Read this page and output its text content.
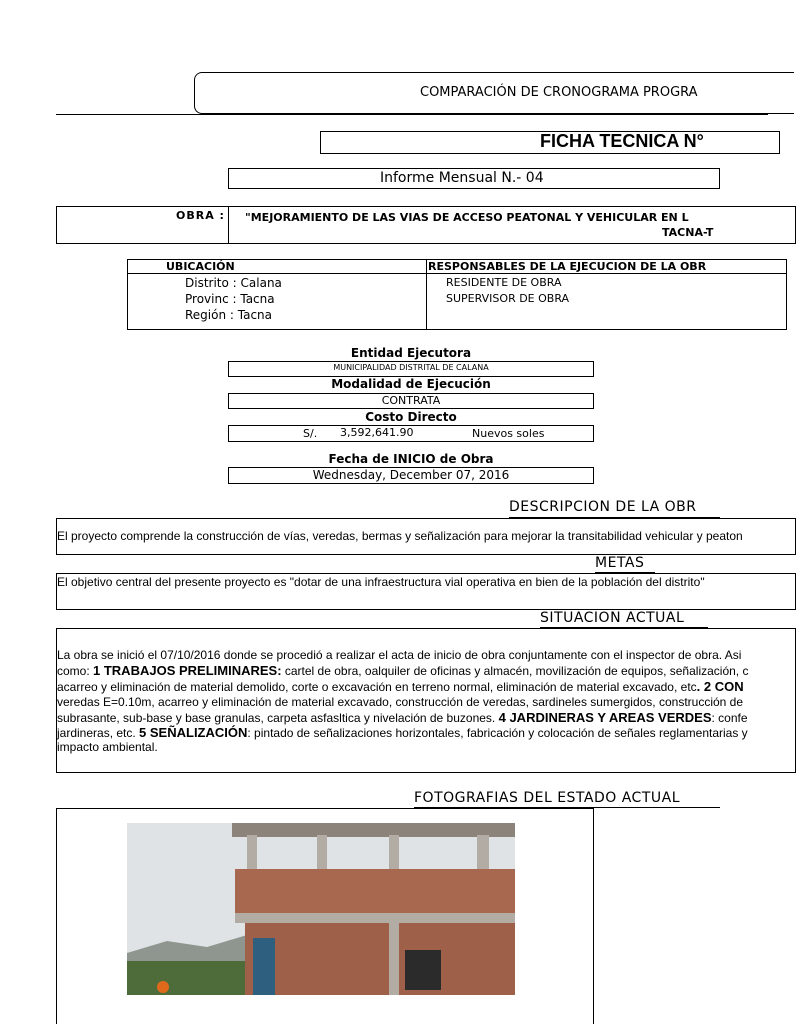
COMPARACIÓN DE CRONOGRAMA PROGRA
FICHA TECNICA N°
Informe Mensual N.- 04
OBRA : "MEJORAMIENTO DE LAS VIAS DE ACCESO PEATONAL Y VEHICULAR EN L
TACNA-T
UBICACIÓN
Distrito : Calana
Provinc : Tacna
Región : Tacna
RESPONSABLES DE LA EJECUCION DE LA OBR
RESIDENTE DE OBRA
SUPERVISOR DE OBRA
Entidad Ejecutora
MUNICIPALIDAD DISTRITAL DE CALANA
Modalidad de Ejecución
CONTRATA
Costo Directo
S/. 3,592,641.90	Nuevos soles
Fecha de INICIO de Obra
Wednesday, December 07, 2016
DESCRIPCION DE LA OBR
El proyecto comprende la construcción de vías, veredas, bermas y señalización para mejorar la transitabilidad vehicular y peaton
METAS
El objetivo central del presente proyecto es "dotar de una infraestructura vial operativa en bien de la población del distrito"
SITUACION ACTUAL
La obra se inició el 07/10/2016 donde se procedió a realizar el acta de inicio de obra conjuntamente con el inspector de obra. Asi
como: 1 TRABAJOS PRELIMINARES: cartel de obra, oalquiler de oficinas y almacén, movilización de equipos, señalización, c
acarreo y eliminación de material demolido, corte o excavación en terreno normal, eliminación de material excavado, etc. 2 CON
veredas E=0.10m, acarreo y eliminación de material excavado, construcción de veredas, sardineles sumergidos, construcción de
subrasante, sub-base y base granulas, carpeta asfasltica y nivelación de buzones. 4 JARDINERAS Y AREAS VERDES: confe
jardineras, etc. 5 SEÑALIZACIÓN: pintado de señalizaciones horizontales, fabricación y colocación de señales reglamentarias y
impacto ambiental.
FOTOGRAFIAS DEL ESTADO ACTUAL
